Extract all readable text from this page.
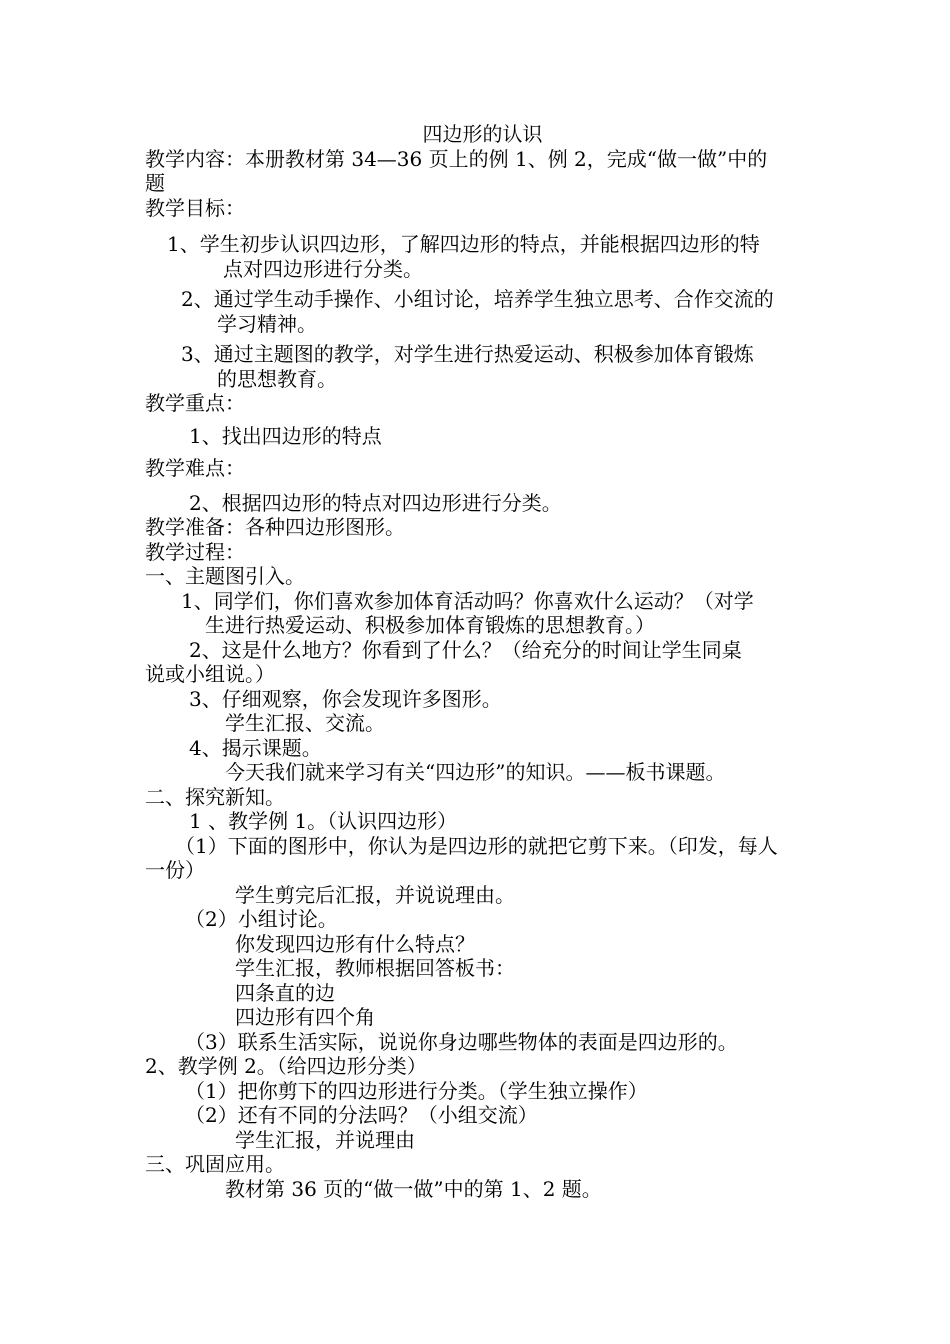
四边形的认识
教学内容：本册教材第 34—36 页上的例 1、例 2，完成“做一做”中的
题
教学目标：
1、学生初步认识四边形，了解四边形的特点，并能根据四边形的特
点对四边形进行分类。
2、通过学生动手操作、小组讨论，培养学生独立思考、合作交流的
学习精神。
3、通过主题图的教学，对学生进行热爱运动、积极参加体育锻炼
的思想教育。
教学重点：
1、找出四边形的特点
教学难点：
2、根据四边形的特点对四边形进行分类。
教学准备：各种四边形图形。
教学过程：
一、主题图引入。
1、同学们，你们喜欢参加体育活动吗？你喜欢什么运动？（对学
生进行热爱运动、积极参加体育锻炼的思想教育。）
2、这是什么地方？你看到了什么？（给充分的时间让学生同桌
说或小组说。）
3、仔细观察，你会发现许多图形。
学生汇报、交流。
4、揭示课题。
今天我们就来学习有关“四边形”的知识。——板书课题。
二、探究新知。
1 、教学例 1。（认识四边形）
（1）下面的图形中，你认为是四边形的就把它剪下来。（印发，每人
一份）
学生剪完后汇报，并说说理由。
（2）小组讨论。
你发现四边形有什么特点？
学生汇报，教师根据回答板书：
四条直的边
四边形有四个角
（3）联系生活实际，说说你身边哪些物体的表面是四边形的。
2、教学例 2。（给四边形分类）
（1）把你剪下的四边形进行分类。（学生独立操作）
（2）还有不同的分法吗？（小组交流）
学生汇报，并说理由
三、巩固应用。
教材第 36 页的“做一做”中的第 1、2 题。
